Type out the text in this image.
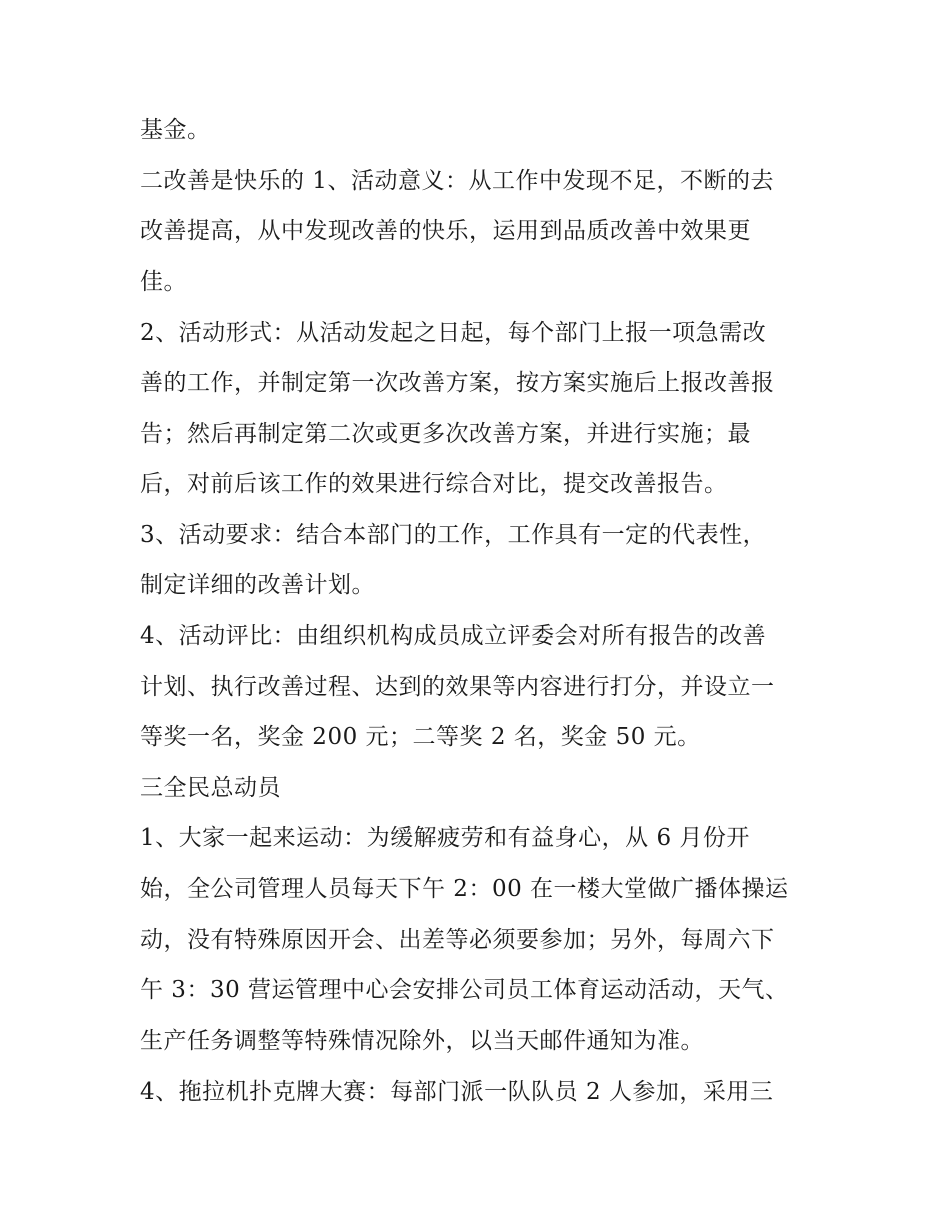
基金。
二改善是快乐的 1、活动意义：从工作中发现不足，不断的去
改善提高，从中发现改善的快乐，运用到品质改善中效果更
佳。
2、活动形式：从活动发起之日起，每个部门上报一项急需改
善的工作，并制定第一次改善方案，按方案实施后上报改善报
告；然后再制定第二次或更多次改善方案，并进行实施；最
后，对前后该工作的效果进行综合对比，提交改善报告。
3、活动要求：结合本部门的工作，工作具有一定的代表性，
制定详细的改善计划。
4、活动评比：由组织机构成员成立评委会对所有报告的改善
计划、执行改善过程、达到的效果等内容进行打分，并设立一
等奖一名，奖金 200 元；二等奖 2 名，奖金 50 元。
三全民总动员
1、大家一起来运动：为缓解疲劳和有益身心，从 6 月份开
始，全公司管理人员每天下午 2：00 在一楼大堂做广播体操运
动，没有特殊原因开会、出差等必须要参加；另外，每周六下
午 3：30 营运管理中心会安排公司员工体育运动活动，天气、
生产任务调整等特殊情况除外，以当天邮件通知为准。
4、拖拉机扑克牌大赛：每部门派一队队员 2 人参加，采用三
